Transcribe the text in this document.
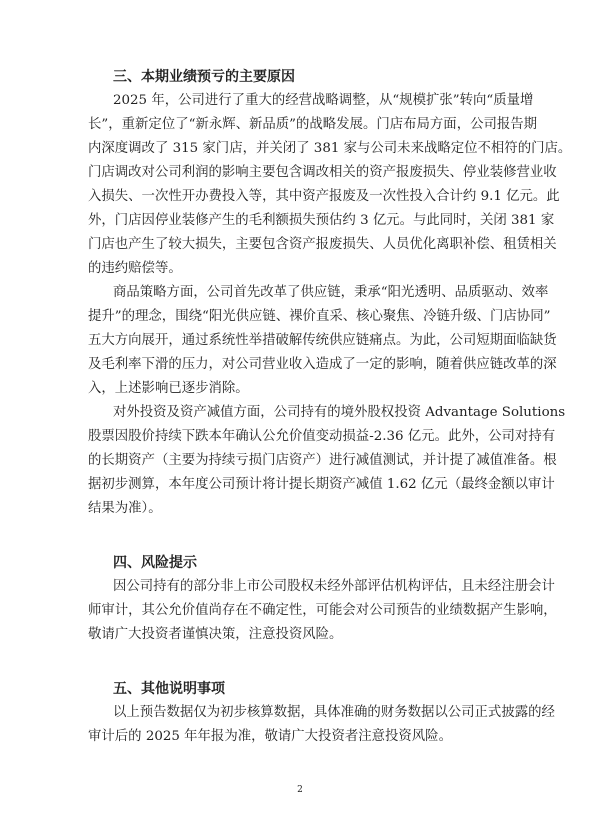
三、本期业绩预亏的主要原因
2025 年，公司进行了重大的经营战略调整，从“规模扩张”转向“质量增
长”，重新定位了“新永辉、新品质”的战略发展。门店布局方面，公司报告期
内深度调改了 315 家门店，并关闭了 381 家与公司未来战略定位不相符的门店。
门店调改对公司利润的影响主要包含调改相关的资产报废损失、停业装修营业收
入损失、一次性开办费投入等，其中资产报废及一次性投入合计约 9.1 亿元。此
外，门店因停业装修产生的毛利额损失预估约 3 亿元。与此同时，关闭 381 家
门店也产生了较大损失，主要包含资产报废损失、人员优化离职补偿、租赁相关
的违约赔偿等。
商品策略方面，公司首先改革了供应链，秉承“阳光透明、品质驱动、效率
提升”的理念，围绕“阳光供应链、裸价直采、核心聚焦、冷链升级、门店协同”
五大方向展开，通过系统性举措破解传统供应链痛点。为此，公司短期面临缺货
及毛利率下滑的压力，对公司营业收入造成了一定的影响，随着供应链改革的深
入，上述影响已逐步消除。
对外投资及资产减值方面，公司持有的境外股权投资 Advantage Solutions
股票因股价持续下跌本年确认公允价值变动损益-2.36 亿元。此外，公司对持有
的长期资产（主要为持续亏损门店资产）进行减值测试，并计提了减值准备。根
据初步测算，本年度公司预计将计提长期资产减值 1.62 亿元（最终金额以审计
结果为准）。
四、风险提示
因公司持有的部分非上市公司股权未经外部评估机构评估，且未经注册会计
师审计，其公允价值尚存在不确定性，可能会对公司预告的业绩数据产生影响，
敬请广大投资者谨慎决策，注意投资风险。
五、其他说明事项
以上预告数据仅为初步核算数据，具体准确的财务数据以公司正式披露的经
审计后的 2025 年年报为准，敬请广大投资者注意投资风险。
2
